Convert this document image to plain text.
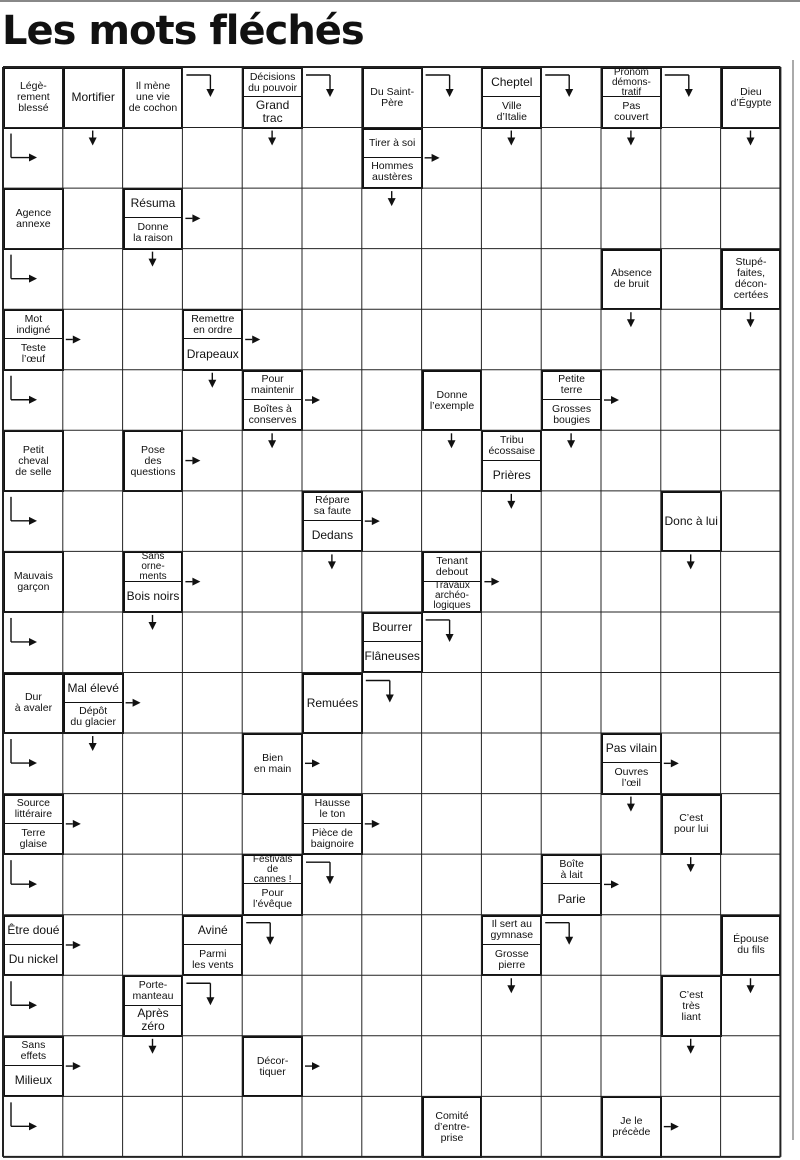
Les mots fléchés
Légè-
rement
blessé
Mortifier
Il mène
une vie
de cochon
Décisions
du pouvoir
Grand trac
Du Saint-
Père
Cheptel
Ville
d’Italie
Pronom
démons-
tratif
Pas
couvert
Dieu
d’Égypte
Tirer à soi
Hommes
austères
Agence
annexe
Résuma
Donne
la raison
Absence
de bruit
Stupé-
faites,
décon-
certées
Mot
indigné
Teste
l’œuf
Remettre
en ordre
Drapeaux
Pour
maintenir
Boîtes à
conserves
Donne
l’exemple
Petite
terre
Grosses
bougies
Petit
cheval
de selle
Pose
des
questions
Tribu
écossaise
Prières
Répare
sa faute
Dedans
Donc à lui
Mauvais
garçon
Sans
orne-
ments
Bois noirs
Tenant
debout
Travaux
archéo-
logiques
Bourrer
Flâneuses
Dur
à avaler
Mal élevé
Dépôt
du glacier
Remuées
Bien
en main
Pas vilain
Ouvres
l’œil
Source
littéraire
Terre
glaise
Hausse
le ton
Pièce de
baignoire
C’est
pour lui
Festivals
de
cannes !
Pour
l’évêque
Boîte
à lait
Parie
Être doué
Du nickel
Aviné
Parmi
les vents
Il sert au
gymnase
Grosse
pierre
Épouse
du fils
Porte-
manteau
Après
zéro
C’est
très
liant
Sans
effets
Milieux
Décor-
tiquer
Comité
d’entre-
prise
Je le
précède
